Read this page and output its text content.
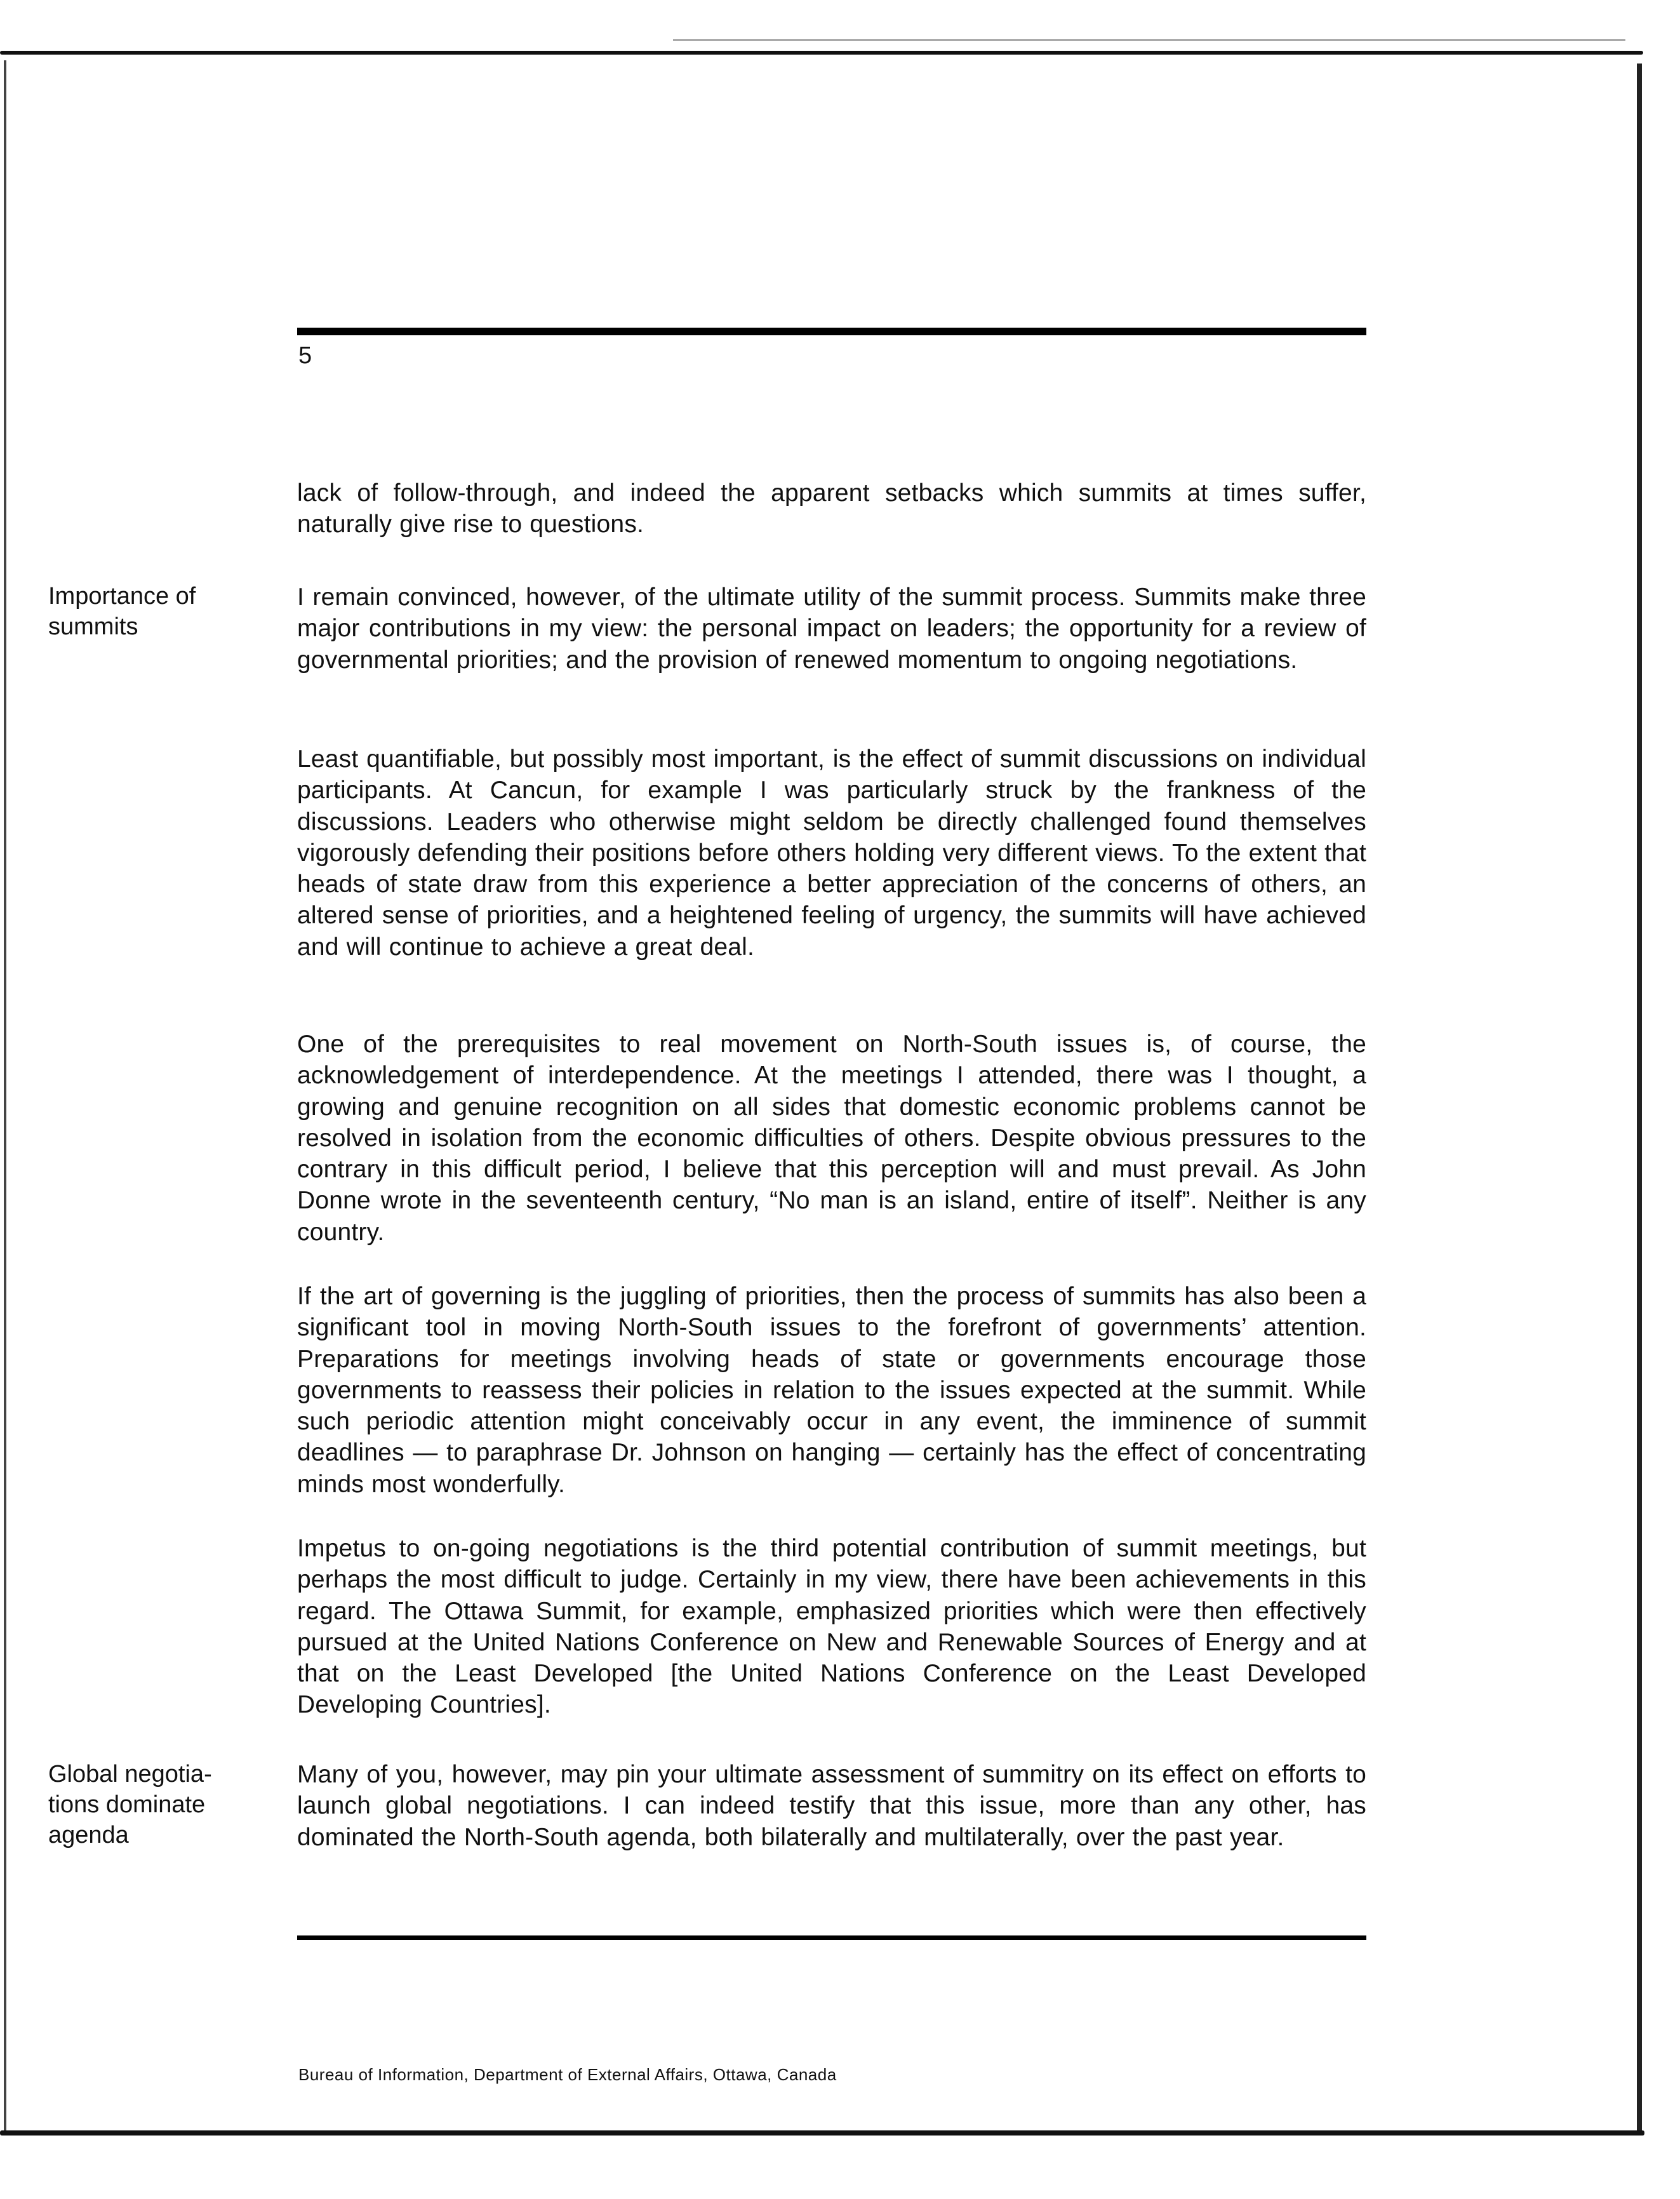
5
Importance of
summits
Global negotia-
tions dominate
agenda

lack of follow-through, and indeed the apparent setbacks which summits at times suffer, naturally give rise to questions.

I remain convinced, however, of the ultimate utility of the summit process. Summits make three major contributions in my view: the personal impact on leaders; the opportunity for a review of governmental priorities; and the provision of renewed momentum to ongoing negotiations.

Least quantifiable, but possibly most important, is the effect of summit discussions on individual participants. At Cancun, for example I was particularly struck by the frankness of the discussions. Leaders who otherwise might seldom be directly challenged found themselves vigorously defending their positions before others holding very different views. To the extent that heads of state draw from this experience a better appreciation of the concerns of others, an altered sense of priorities, and a heightened feeling of urgency, the summits will have achieved and will continue to achieve a great deal.

One of the prerequisites to real movement on North-South issues is, of course, the acknowledgement of interdependence. At the meetings I attended, there was I thought, a growing and genuine recognition on all sides that domestic economic problems cannot be resolved in isolation from the economic difficulties of others. Despite obvious pressures to the contrary in this difficult period, I believe that this perception will and must prevail. As John Donne wrote in the seventeenth century, “No man is an island, entire of itself”. Neither is any country.

If the art of governing is the juggling of priorities, then the process of summits has also been a significant tool in moving North-South issues to the forefront of governments’ attention. Preparations for meetings involving heads of state or governments encourage those governments to reassess their policies in relation to the issues expected at the summit. While such periodic attention might conceivably occur in any event, the imminence of summit deadlines — to paraphrase Dr. Johnson on hanging — certainly has the effect of concentrating minds most wonderfully.

Impetus to on-going negotiations is the third potential contribution of summit meetings, but perhaps the most difficult to judge. Certainly in my view, there have been achievements in this regard. The Ottawa Summit, for example, emphasized priorities which were then effectively pursued at the United Nations Conference on New and Renewable Sources of Energy and at that on the Least Developed [the United Nations Conference on the Least Developed Developing Countries].

Many of you, however, may pin your ultimate assessment of summitry on its effect on efforts to launch global negotiations. I can indeed testify that this issue, more than any other, has dominated the North-South agenda, both bilaterally and multilaterally, over the past year.

Bureau of Information, Department of External Affairs, Ottawa, Canada
